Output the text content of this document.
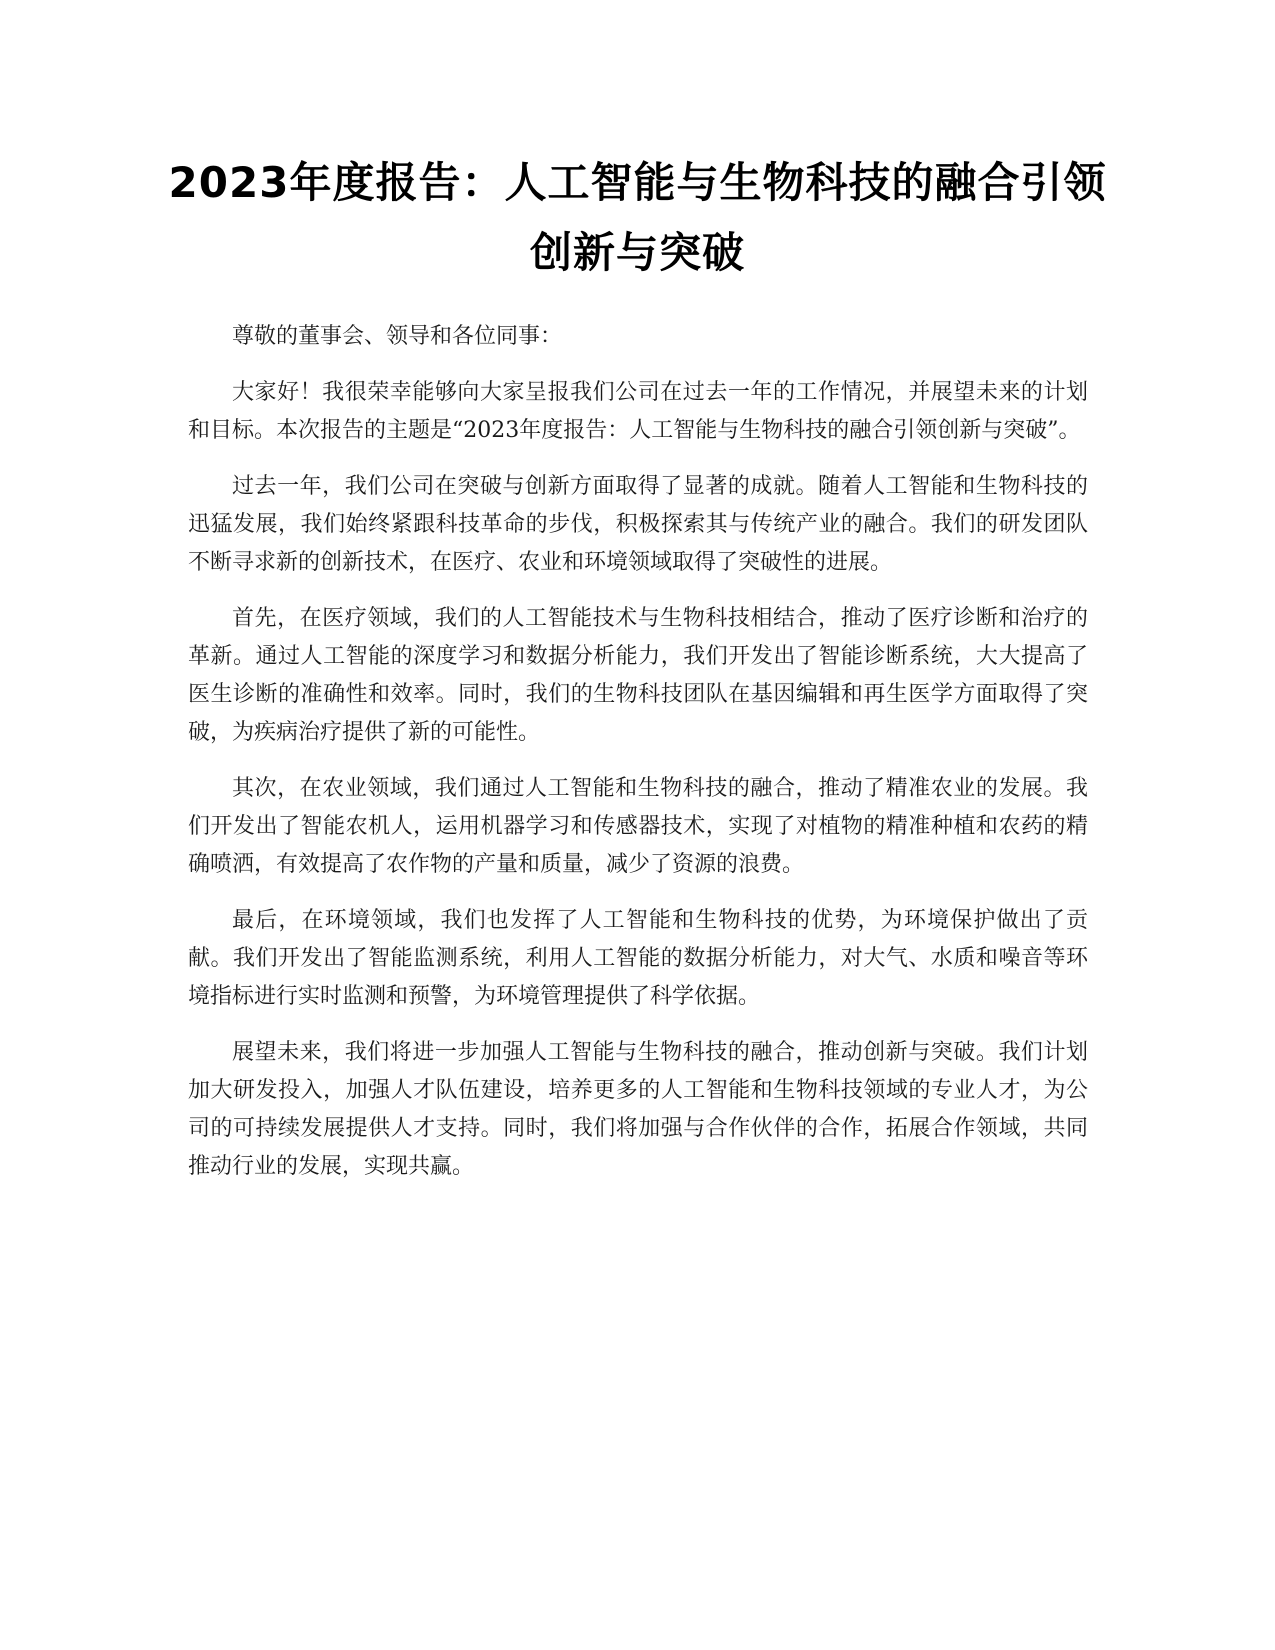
2023年度报告：人工智能与生物科技的融合引领创新与突破

尊敬的董事会、领导和各位同事：

大家好！我很荣幸能够向大家呈报我们公司在过去一年的工作情况，并展望未来的计划和目标。本次报告的主题是“2023年度报告：人工智能与生物科技的融合引领创新与突破”。

过去一年，我们公司在突破与创新方面取得了显著的成就。随着人工智能和生物科技的迅猛发展，我们始终紧跟科技革命的步伐，积极探索其与传统产业的融合。我们的研发团队不断寻求新的创新技术，在医疗、农业和环境领域取得了突破性的进展。

首先，在医疗领域，我们的人工智能技术与生物科技相结合，推动了医疗诊断和治疗的革新。通过人工智能的深度学习和数据分析能力，我们开发出了智能诊断系统，大大提高了医生诊断的准确性和效率。同时，我们的生物科技团队在基因编辑和再生医学方面取得了突破，为疾病治疗提供了新的可能性。

其次，在农业领域，我们通过人工智能和生物科技的融合，推动了精准农业的发展。我们开发出了智能农机人，运用机器学习和传感器技术，实现了对植物的精准种植和农药的精确喷洒，有效提高了农作物的产量和质量，减少了资源的浪费。

最后，在环境领域，我们也发挥了人工智能和生物科技的优势，为环境保护做出了贡献。我们开发出了智能监测系统，利用人工智能的数据分析能力，对大气、水质和噪音等环境指标进行实时监测和预警，为环境管理提供了科学依据。

展望未来，我们将进一步加强人工智能与生物科技的融合，推动创新与突破。我们计划加大研发投入，加强人才队伍建设，培养更多的人工智能和生物科技领域的专业人才，为公司的可持续发展提供人才支持。同时，我们将加强与合作伙伴的合作，拓展合作领域，共同推动行业的发展，实现共赢。
